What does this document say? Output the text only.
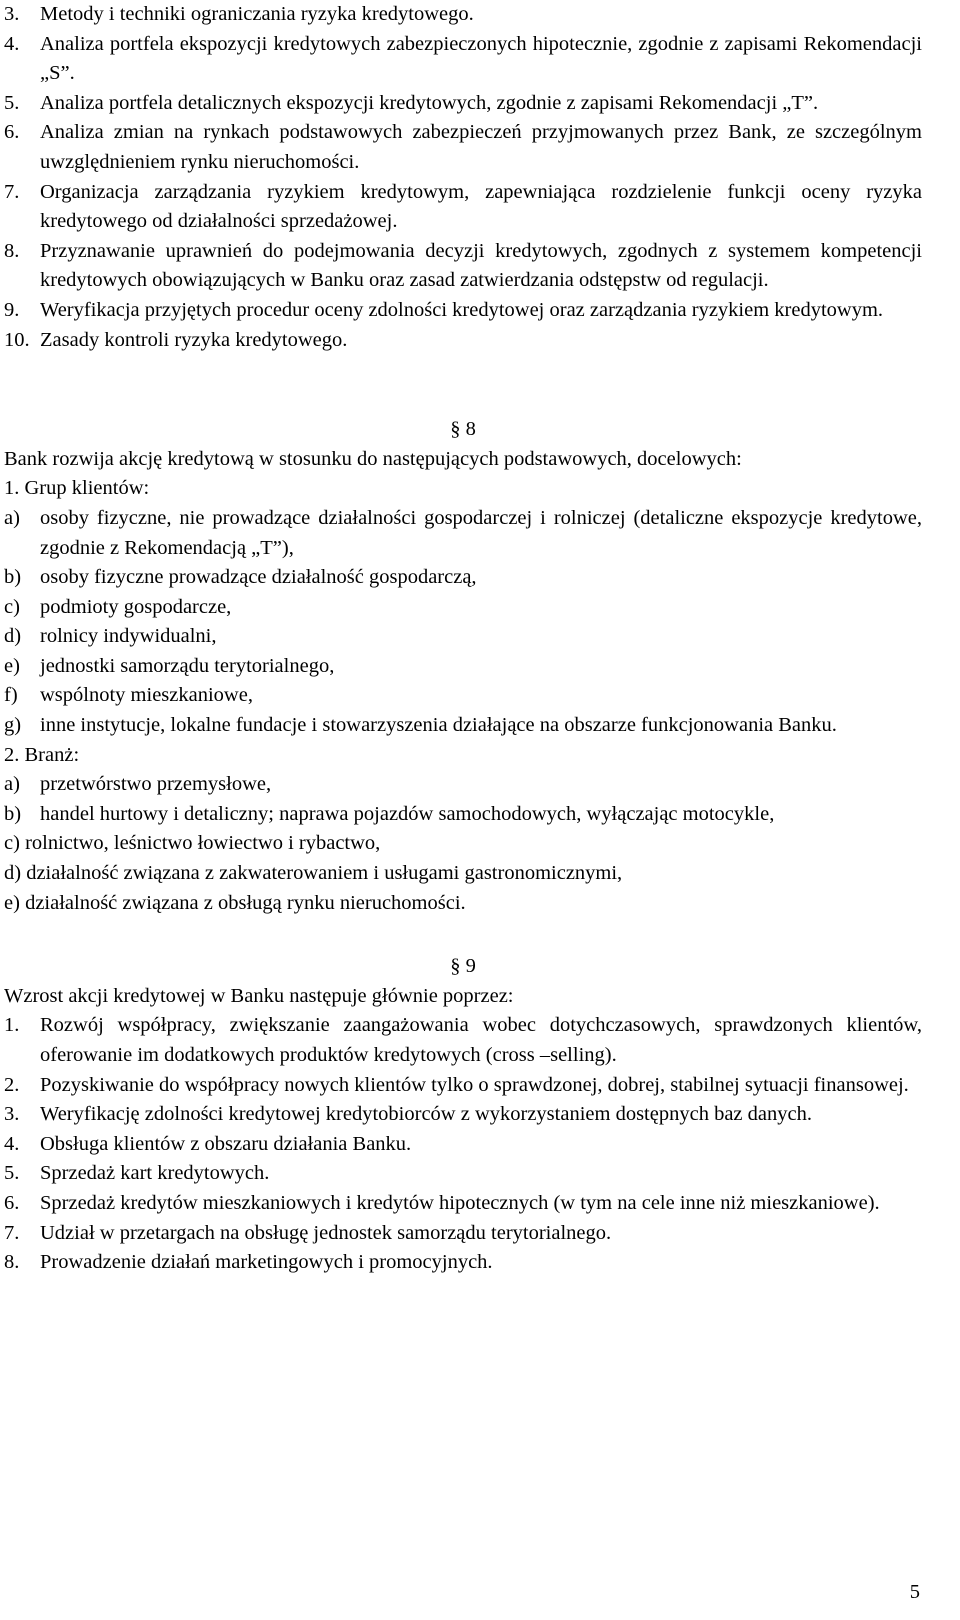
3. Metody i techniki ograniczania ryzyka kredytowego.
4. Analiza portfela ekspozycji kredytowych zabezpieczonych hipotecznie, zgodnie z zapisami Rekomendacji „S”.
5. Analiza portfela detalicznych ekspozycji kredytowych, zgodnie z zapisami Rekomendacji „T”.
6. Analiza zmian na rynkach podstawowych zabezpieczeń przyjmowanych przez Bank, ze szczególnym uwzględnieniem rynku nieruchomości.
7. Organizacja zarządzania ryzykiem kredytowym, zapewniająca rozdzielenie funkcji oceny ryzyka kredytowego od działalności sprzedażowej.
8. Przyznawanie uprawnień do podejmowania decyzji kredytowych, zgodnych z systemem kompetencji kredytowych obowiązujących w Banku oraz zasad zatwierdzania odstępstw od regulacji.
9. Weryfikacja przyjętych procedur oceny zdolności kredytowej oraz zarządzania ryzykiem kredytowym.
10. Zasady kontroli ryzyka kredytowego.
§ 8
Bank rozwija akcję kredytową w stosunku do następujących podstawowych, docelowych:
1. Grup klientów:
a) osoby fizyczne, nie prowadzące działalności gospodarczej i rolniczej (detaliczne ekspozycje kredytowe, zgodnie z Rekomendacją „T”),
b) osoby fizyczne prowadzące działalność gospodarczą,
c) podmioty gospodarcze,
d) rolnicy indywidualni,
e) jednostki samorządu terytorialnego,
f) wspólnoty mieszkaniowe,
g) inne instytucje, lokalne fundacje i stowarzyszenia działające na obszarze funkcjonowania Banku.
2. Branż:
a) przetwórstwo przemysłowe,
b) handel hurtowy i detaliczny; naprawa pojazdów samochodowych, wyłączając motocykle,
c) rolnictwo, leśnictwo łowiectwo i rybactwo,
d) działalność związana z zakwaterowaniem i usługami gastronomicznymi,
e) działalność związana z obsługą rynku nieruchomości.
§ 9
Wzrost akcji kredytowej w Banku następuje głównie poprzez:
1. Rozwój współpracy, zwiększanie zaangażowania wobec dotychczasowych, sprawdzonych klientów, oferowanie im dodatkowych produktów kredytowych (cross –selling).
2. Pozyskiwanie do współpracy nowych klientów tylko o sprawdzonej, dobrej, stabilnej sytuacji finansowej.
3. Weryfikację zdolności kredytowej kredytobiorców z wykorzystaniem dostępnych baz danych.
4. Obsługa klientów z obszaru działania Banku.
5. Sprzedaż kart kredytowych.
6. Sprzedaż kredytów mieszkaniowych i kredytów hipotecznych (w tym na cele inne niż mieszkaniowe).
7. Udział w przetargach na obsługę jednostek samorządu terytorialnego.
8. Prowadzenie działań marketingowych i promocyjnych.
5
